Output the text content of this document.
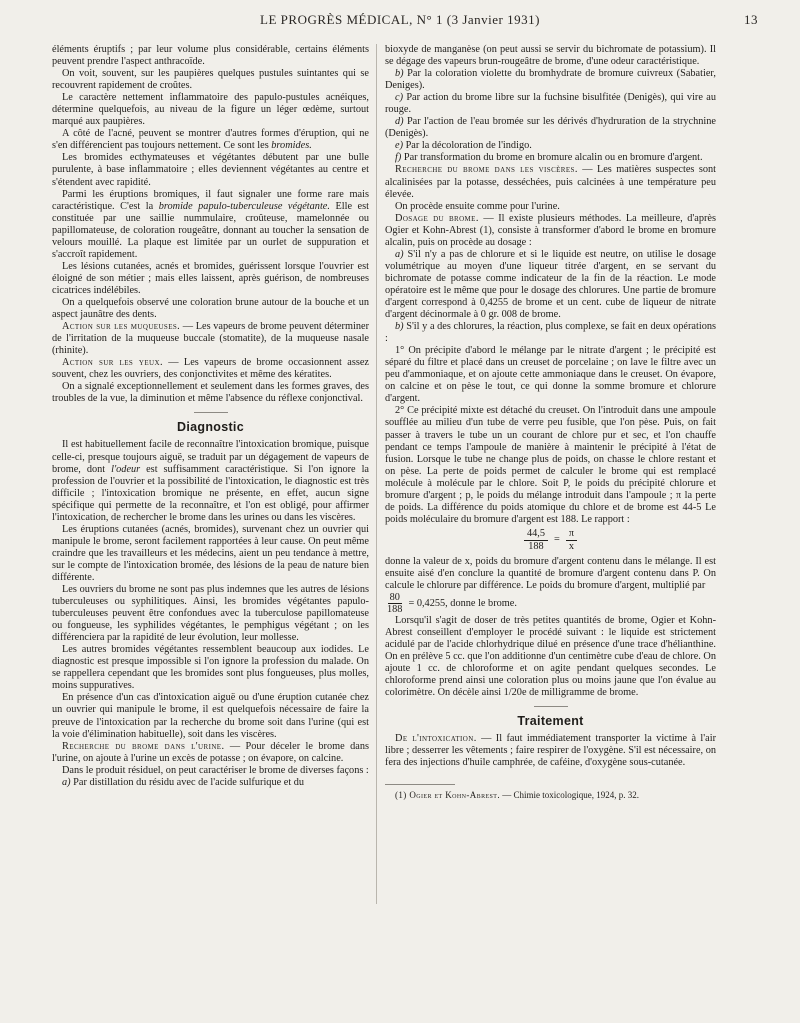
LE PROGRÈS MÉDICAL, N° 1 (3 Janvier 1931)	13

éléments éruptifs ; par leur volume plus considérable, certains éléments peuvent prendre l'aspect anthracoïde.

On voit, souvent, sur les paupières quelques pustules suintantes qui se recouvrent rapidement de croûtes.

Le caractère nettement inflammatoire des papulo-pustules acnéiques, détermine quelquefois, au niveau de la figure un léger œdème, surtout marqué aux paupières.

A côté de l'acné, peuvent se montrer d'autres formes d'éruption, qui ne s'en différencient pas toujours nettement. Ce sont les bromides.

Les bromides ecthymateuses et végétantes débutent par une bulle purulente, à base inflammatoire ; elles deviennent végétantes au centre et s'étendent avec rapidité.

Parmi les éruptions bromiques, il faut signaler une forme rare mais caractéristique. C'est la bromide papulo-tuberculeuse végétante. Elle est constituée par une saillie nummulaire, croûteuse, mamelonnée ou papillomateuse, de coloration rougeâtre, donnant au toucher la sensation de velours mouillé. La plaque est limitée par un ourlet de suppuration et s'accroît rapidement.

Les lésions cutanées, acnés et bromides, guérissent lorsque l'ouvrier est éloigné de son métier ; mais elles laissent, après guérison, de nombreuses cicatrices indélébiles.

On a quelquefois observé une coloration brune autour de la bouche et un aspect jaunâtre des dents.

Action sur les muqueuses. — Les vapeurs de brome peuvent déterminer de l'irritation de la muqueuse buccale (stomatite), de la muqueuse nasale (rhinite).

Action sur les yeux. — Les vapeurs de brome occasionnent assez souvent, chez les ouvriers, des conjonctivites et même des kératites.

On a signalé exceptionnellement et seulement dans les formes graves, des troubles de la vue, la diminution et même l'absence du réflexe conjonctival.

Diagnostic

Il est habituellement facile de reconnaître l'intoxication bromique, puisque celle-ci, presque toujours aiguë, se traduit par un dégagement de vapeurs de brome, dont l'odeur est suffisamment caractéristique. Si l'on ignore la profession de l'ouvrier et la possibilité de l'intoxication, le diagnostic est très difficile ; l'intoxication bromique ne présente, en effet, aucun signe spécifique qui permette de la reconnaître, et l'on est obligé, pour affirmer l'intoxication, de rechercher le brome dans les urines ou dans les viscères.

Les éruptions cutanées (acnés, bromides), survenant chez un ouvrier qui manipule le brome, seront facilement rapportées à leur cause. On peut même craindre que les travailleurs et les médecins, aient un peu tendance à mettre, sur le compte de l'intoxication bromée, des lésions de la peau de nature bien différente.

Les ouvriers du brome ne sont pas plus indemnes que les autres de lésions tuberculeuses ou syphilitiques. Ainsi, les bromides végétantes papulo-tuberculeuses peuvent être confondues avec la tuberculose papillomateuse ou fongueuse, les syphilides végétantes, le pemphigus végétant ; on les différenciera par la rapidité de leur évolution, leur mollesse.

Les autres bromides végétantes ressemblent beaucoup aux iodides. Le diagnostic est presque impossible si l'on ignore la profession du malade. On se rappellera cependant que les bromides sont plus fongueuses, plus molles, moins suppuratives.

En présence d'un cas d'intoxication aiguë ou d'une éruption cutanée chez un ouvrier qui manipule le brome, il est quelquefois nécessaire de faire la preuve de l'intoxication par la recherche du brome soit dans l'urine (qui est la voie d'élimination habituelle), soit dans les viscères.

Recherche du brome dans l'urine. — Pour déceler le brome dans l'urine, on ajoute à l'urine un excès de potasse ; on évapore, on calcine.

Dans le produit résiduel, on peut caractériser le brome de diverses façons :

a) Par distillation du résidu avec de l'acide sulfurique et du

bioxyde de manganèse (on peut aussi se servir du bichromate de potassium). Il se dégage des vapeurs brun-rougeâtre de brome, d'une odeur caractéristique.

b) Par la coloration violette du bromhydrate de bromure cuivreux (Sabatier, Deniges).

c) Par action du brome libre sur la fuchsine bisulfitée (Denigès), qui vire au rouge.

d) Par l'action de l'eau bromée sur les dérivés d'hydruration de la strychnine (Denigès).

e) Par la décoloration de l'indigo.

f) Par transformation du brome en bromure alcalin ou en bromure d'argent.

Recherche du brome dans les viscères. — Les matières suspectes sont alcalinisées par la potasse, desséchées, puis calcinées à une température peu élevée.

On procède ensuite comme pour l'urine.

Dosage du brome. — Il existe plusieurs méthodes. La meilleure, d'après Ogier et Kohn-Abrest (1), consiste à transformer d'abord le brome en bromure alcalin, puis on procède au dosage :

a) S'il n'y a pas de chlorure et si le liquide est neutre, on utilise le dosage volumétrique au moyen d'une liqueur titrée d'argent, en se servant du bichromate de potasse comme indicateur de la fin de la réaction. Le mode opératoire est le même que pour le dosage des chlorures. Une partie de bromure d'argent correspond à 0,4255 de brome et un cent. cube de liqueur de nitrate d'argent décinormale à 0 gr. 008 de brome.

b) S'il y a des chlorures, la réaction, plus complexe, se fait en deux opérations :

1° On précipite d'abord le mélange par le nitrate d'argent ; le précipité est séparé du filtre et placé dans un creuset de porcelaine ; on lave le filtre avec un peu d'ammoniaque, et on ajoute cette ammoniaque dans le creuset. On évapore, on calcine et on pèse le tout, ce qui donne la somme bromure et chlorure d'argent.

2° Ce précipité mixte est détaché du creuset. On l'introduit dans une ampoule soufflée au milieu d'un tube de verre peu fusible, que l'on pèse. Puis, on fait passer à travers le tube un un courant de chlore pur et sec, et l'on chauffe pendant ce temps l'ampoule de manière à maintenir le précipité à l'état de fusion. Lorsque le tube ne change plus de poids, on chasse le chlore restant et on pèse. La perte de poids permet de calculer le brome qui est remplacé molécule à molécule par le chlore. Soit P, le poids du précipité chlorure et bromure d'argent ; p, le poids du mélange introduit dans l'ampoule ; π la perte de poids. La différence du poids atomique du chlore et de brome est 44-5 Le poids moléculaire du bromure d'argent est 188. Le rapport :

$\frac{44,5}{188} = \frac{\pi}{x}$

donne la valeur de x, poids du bromure d'argent contenu dans le mélange. Il est ensuite aisé d'en conclure la quantité de bromure d'argent contenu dans P. On calcule le chlorure par différence. Le poids du bromure d'argent, multiplié par

$\frac{80}{188} = 0,4255$, donne le brome.

Lorsqu'il s'agit de doser de très petites quantités de brome, Ogier et Kohn-Abrest conseillent d'employer le procédé suivant : le liquide est strictement acidulé par de l'acide chlorhydrique dilué en présence d'une trace d'hélianthine. On en prélève 5 cc. que l'on additionne d'un centimètre cube d'eau de chlore. On ajoute 1 cc. de chloroforme et on agite pendant quelques secondes. Le chloroforme prend ainsi une coloration plus ou moins jaune que l'on évalue au colorimètre. On décèle ainsi 1/20e de milligramme de brome.

Traitement

De l'intoxication. — Il faut immédiatement transporter la victime à l'air libre ; desserrer les vêtements ; faire respirer de l'oxygène. S'il est nécessaire, on fera des injections d'huile camphrée, de caféine, d'oxygène sous-cutanée.

(1) Ogier et Kohn-Abrest. — Chimie toxicologique, 1924, p. 32.
